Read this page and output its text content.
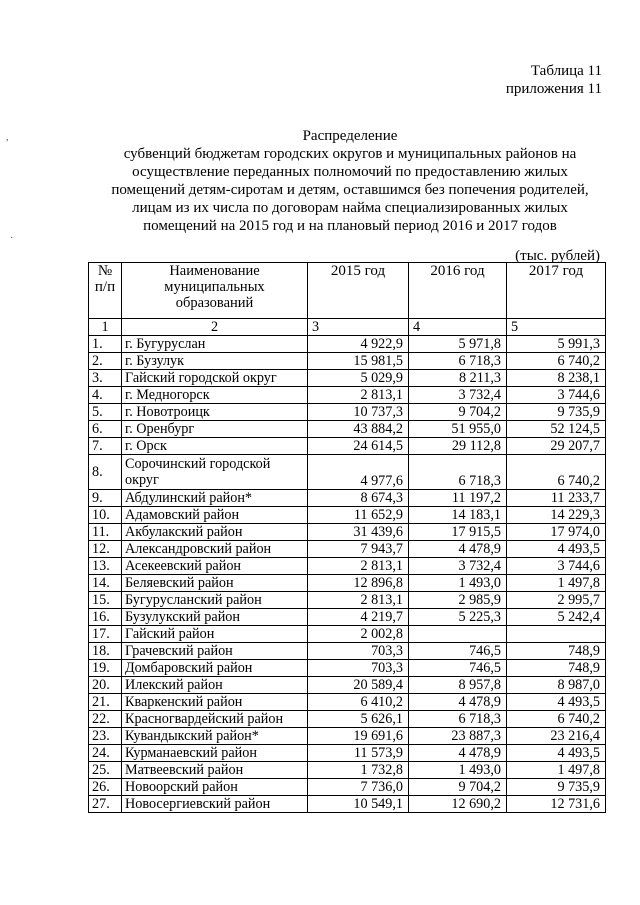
Таблица 11
приложения 11
,
·
Распределение
субвенций бюджетам городских округов и муниципальных районов на
осуществление переданных полномочий по предоставлению жилых
помещений детям-сиротам и детям, оставшимся без попечения родителей,
лицам из их числа по договорам найма специализированных жилых
помещений на 2015 год и на плановый период 2016 и 2017 годов
(тыс. рублей)
№ п/п	Наименование муниципальных образований	2015 год	2016 год	2017 год
1	2	3	4	5
1.	г. Бугуруслан	4 922,9	5 971,8	5 991,3
2.	г. Бузулук	15 981,5	6 718,3	6 740,2
3.	Гайский городской округ	5 029,9	8 211,3	8 238,1
4.	г. Медногорск	2 813,1	3 732,4	3 744,6
5.	г. Новотроицк	10 737,3	9 704,2	9 735,9
6.	г. Оренбург	43 884,2	51 955,0	52 124,5
7.	г. Орск	24 614,5	29 112,8	29 207,7
8.	Сорочинский городской округ	4 977,6	6 718,3	6 740,2
9.	Абдулинский район*	8 674,3	11 197,2	11 233,7
10.	Адамовский район	11 652,9	14 183,1	14 229,3
11.	Акбулакский район	31 439,6	17 915,5	17 974,0
12.	Александровский район	7 943,7	4 478,9	4 493,5
13.	Асекеевский район	2 813,1	3 732,4	3 744,6
14.	Беляевский район	12 896,8	1 493,0	1 497,8
15.	Бугурусланский район	2 813,1	2 985,9	2 995,7
16.	Бузулукский район	4 219,7	5 225,3	5 242,4
17.	Гайский район	2 002,8		
18.	Грачевский район	703,3	746,5	748,9
19.	Домбаровский район	703,3	746,5	748,9
20.	Илекский район	20 589,4	8 957,8	8 987,0
21.	Кваркенский район	6 410,2	4 478,9	4 493,5
22.	Красногвардейский район	5 626,1	6 718,3	6 740,2
23.	Кувандыкский район*	19 691,6	23 887,3	23 216,4
24.	Курманаевский район	11 573,9	4 478,9	4 493,5
25.	Матвеевский район	1 732,8	1 493,0	1 497,8
26.	Новоорский район	7 736,0	9 704,2	9 735,9
27.	Новосергиевский район	10 549,1	12 690,2	12 731,6
